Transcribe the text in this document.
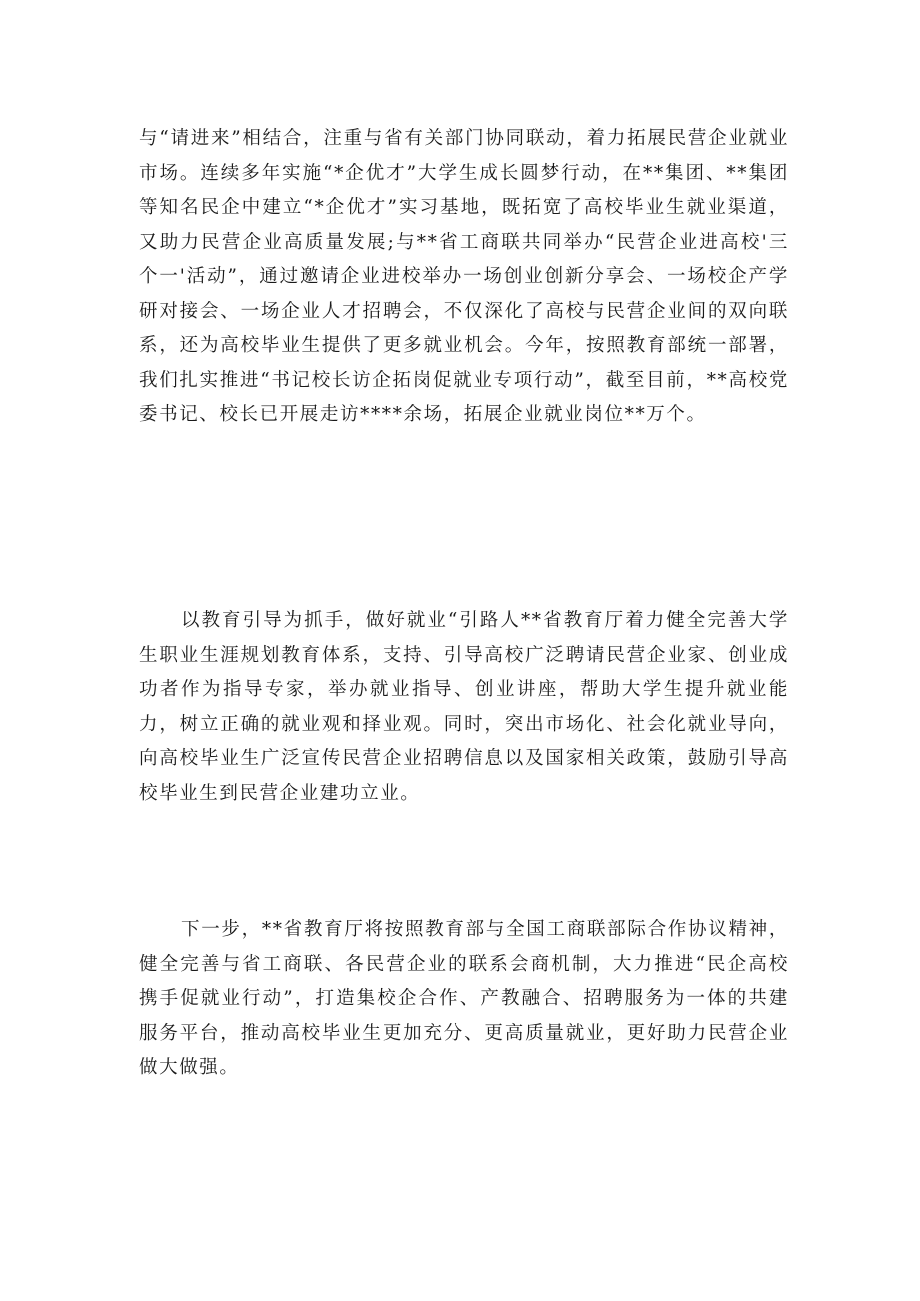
与“请进来”相结合，注重与省有关部门协同联动，着力拓展民营企业就业市场。连续多年实施“*企优才”大学生成长圆梦行动，在**集团、**集团等知名民企中建立“*企优才”实习基地，既拓宽了高校毕业生就业渠道，又助力民营企业高质量发展;与**省工商联共同举办“民营企业进高校'三个一'活动”，通过邀请企业进校举办一场创业创新分享会、一场校企产学研对接会、一场企业人才招聘会，不仅深化了高校与民营企业间的双向联系，还为高校毕业生提供了更多就业机会。今年，按照教育部统一部署，我们扎实推进“书记校长访企拓岗促就业专项行动”，截至目前，**高校党委书记、校长已开展走访****余场，拓展企业就业岗位**万个。

以教育引导为抓手，做好就业“引路人**省教育厅着力健全完善大学生职业生涯规划教育体系，支持、引导高校广泛聘请民营企业家、创业成功者作为指导专家，举办就业指导、创业讲座，帮助大学生提升就业能力，树立正确的就业观和择业观。同时，突出市场化、社会化就业导向，向高校毕业生广泛宣传民营企业招聘信息以及国家相关政策，鼓励引导高校毕业生到民营企业建功立业。

下一步，**省教育厅将按照教育部与全国工商联部际合作协议精神，健全完善与省工商联、各民营企业的联系会商机制，大力推进“民企高校携手促就业行动”，打造集校企合作、产教融合、招聘服务为一体的共建服务平台，推动高校毕业生更加充分、更高质量就业，更好助力民营企业做大做强。
